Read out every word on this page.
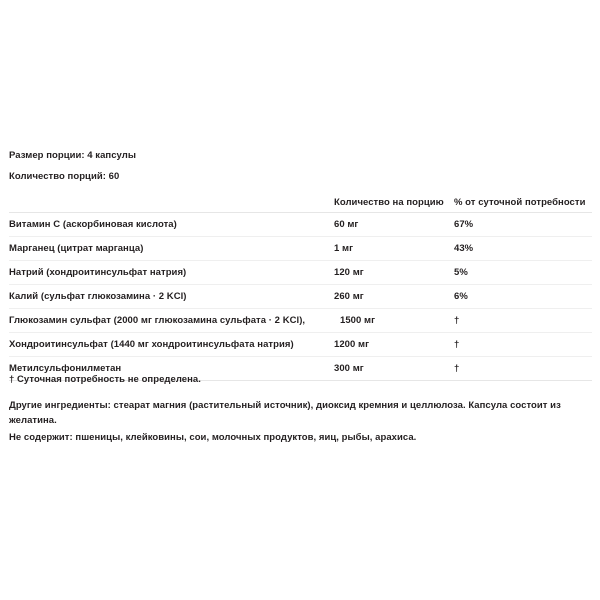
Размер порции: 4 капсулы
Количество порций: 60
	Количество на порцию	% от суточной потребности
Витамин C (аскорбиновая кислота)	60 мг	67%
Марганец (цитрат марганца)	1 мг	43%
Натрий (хондроитинсульфат натрия)	120 мг	5%
Калий (сульфат глюкозамина · 2 KCl)	260 мг	6%
Глюкозамин сульфат (2000 мг глюкозамина сульфата · 2 KCl),	1500 мг	†
Хондроитинсульфат (1440 мг хондроитинсульфата натрия)	1200 мг	†
Метилсульфонилметан	300 мг	†
† Суточная потребность не определена.
Другие ингредиенты: стеарат магния (растительный источник), диоксид кремния и целлюлоза. Капсула состоит из желатина.
Не содержит: пшеницы, клейковины, сои, молочных продуктов, яиц, рыбы, арахиса.
